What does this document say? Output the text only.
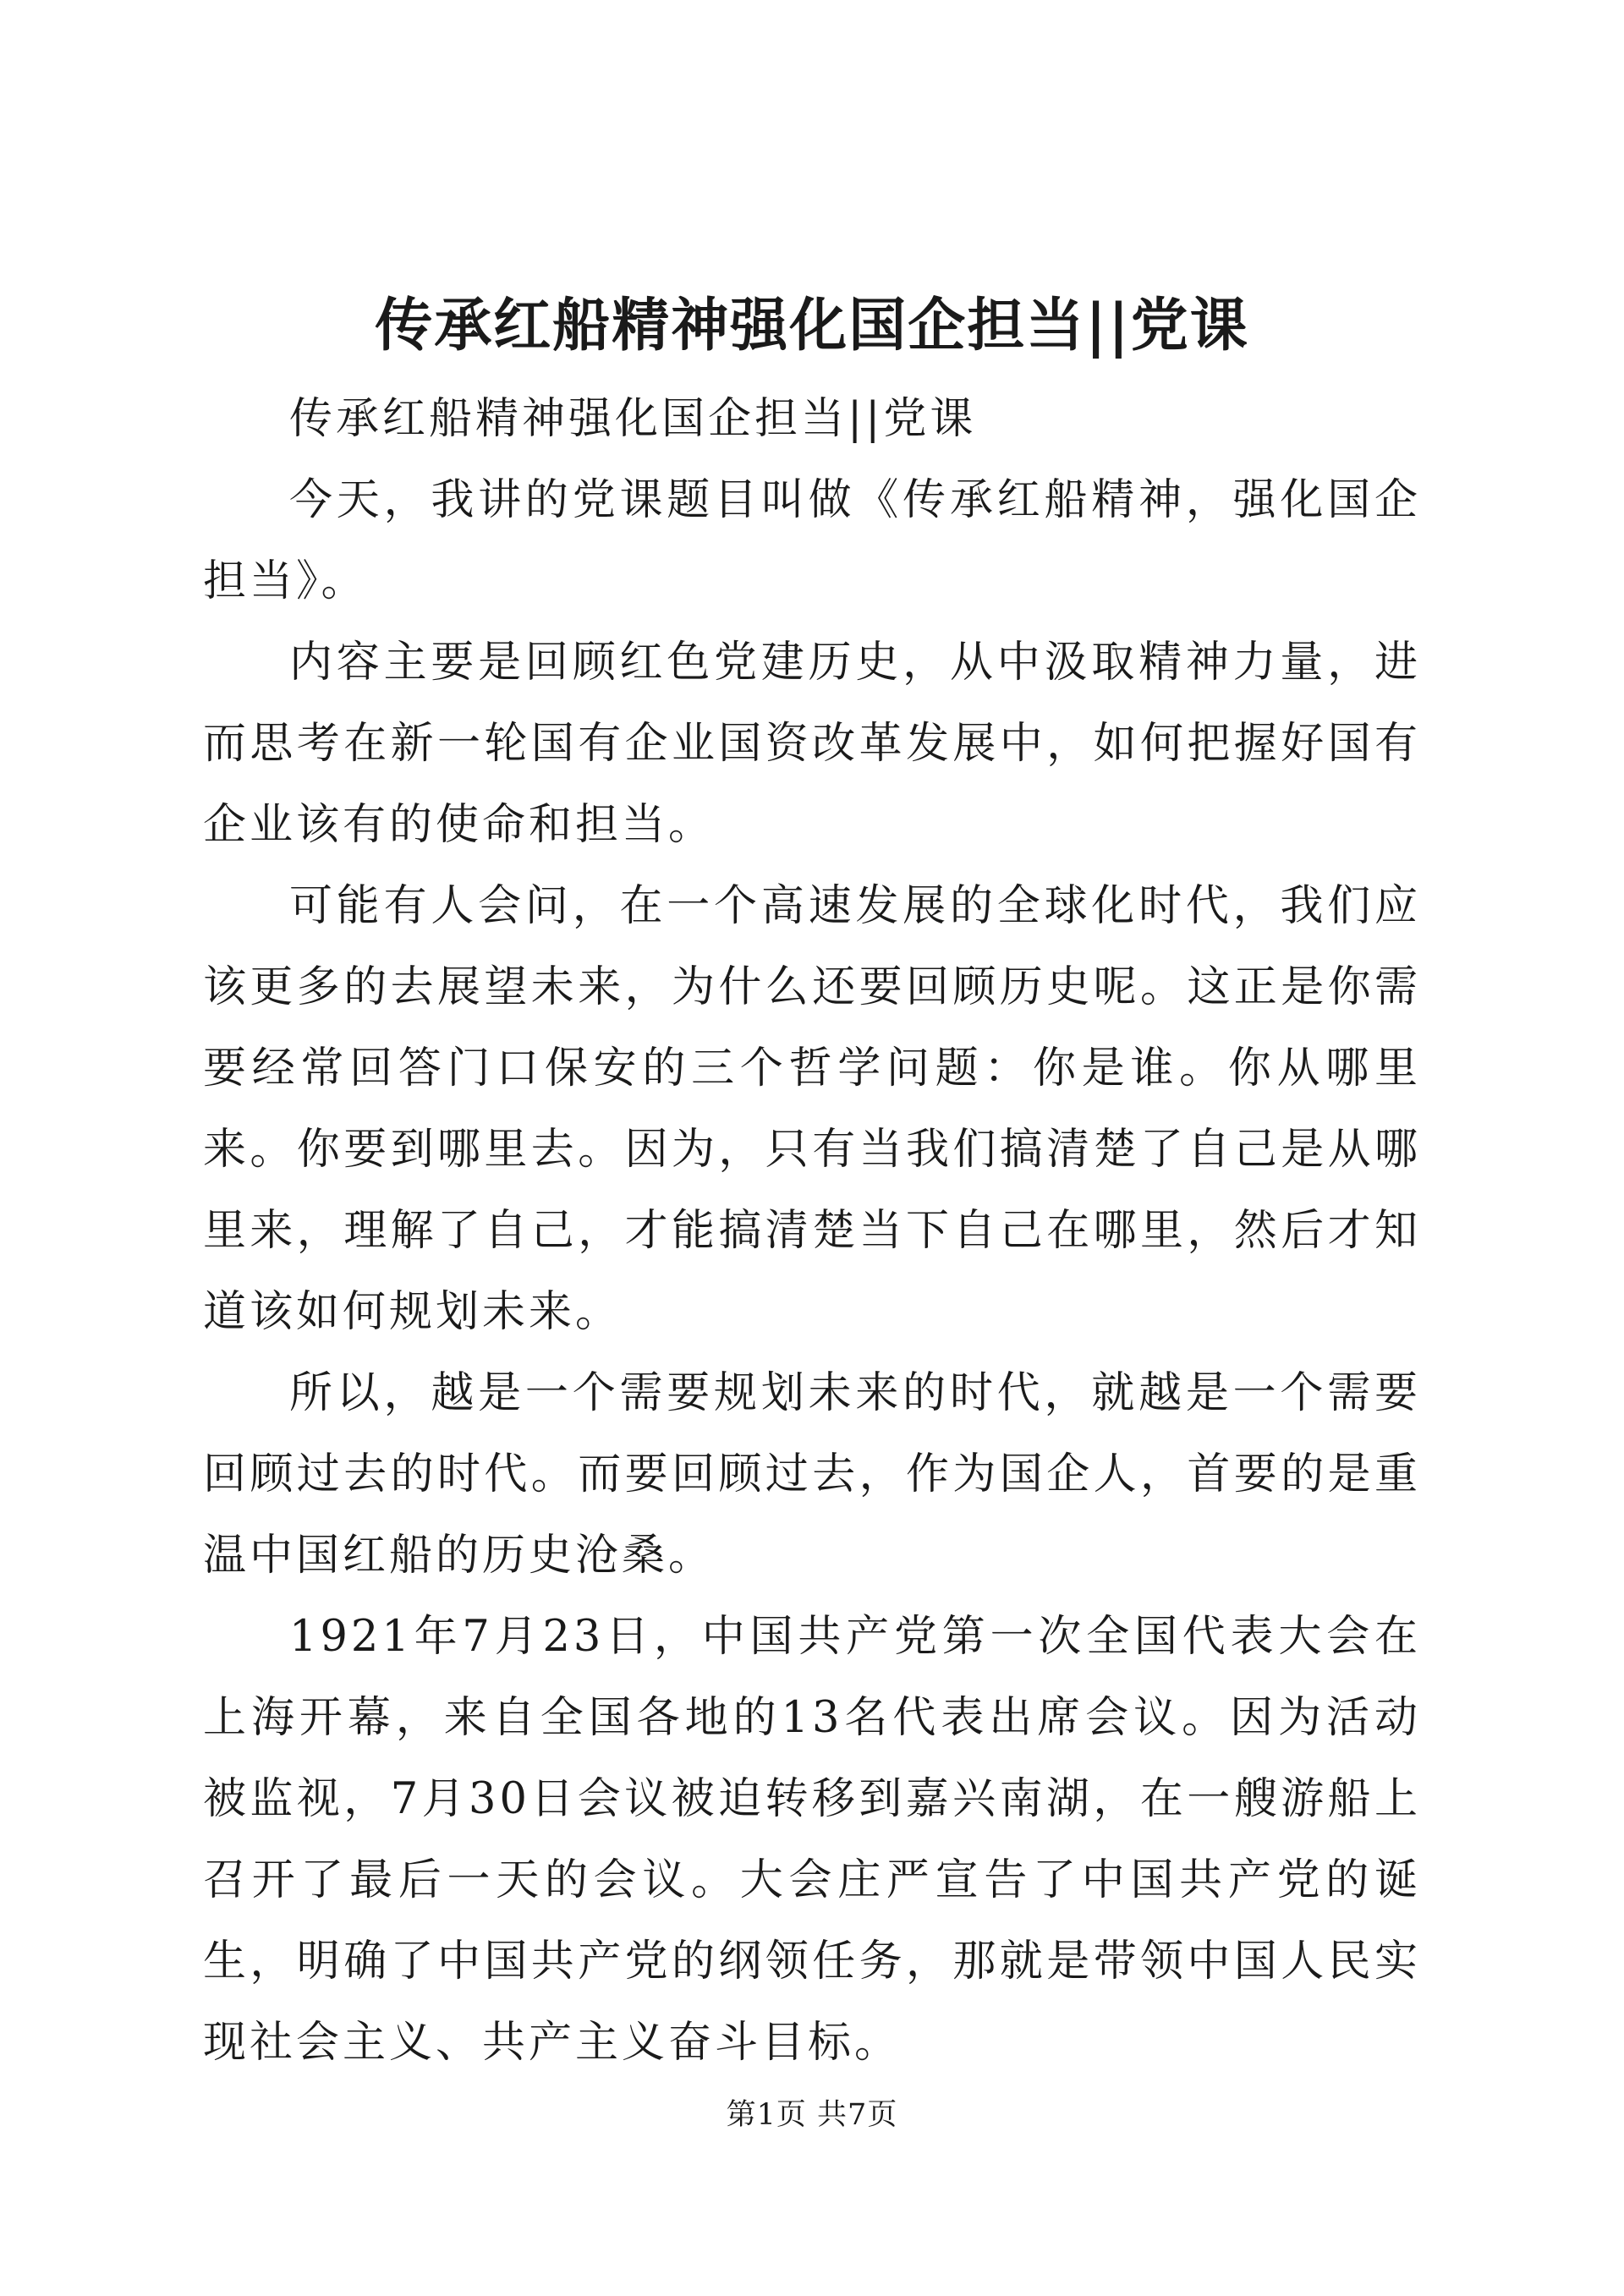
传承红船精神强化国企担当||党课

传承红船精神强化国企担当||党课

今天，我讲的党课题目叫做《传承红船精神，强化国企担当》。

内容主要是回顾红色党建历史，从中汲取精神力量，进而思考在新一轮国有企业国资改革发展中，如何把握好国有企业该有的使命和担当。

可能有人会问，在一个高速发展的全球化时代，我们应该更多的去展望未来，为什么还要回顾历史呢。这正是你需要经常回答门口保安的三个哲学问题：你是谁。你从哪里来。你要到哪里去。因为，只有当我们搞清楚了自己是从哪里来，理解了自己，才能搞清楚当下自己在哪里，然后才知道该如何规划未来。

所以，越是一个需要规划未来的时代，就越是一个需要回顾过去的时代。而要回顾过去，作为国企人，首要的是重温中国红船的历史沧桑。

1921年7月23日，中国共产党第一次全国代表大会在上海开幕，来自全国各地的13名代表出席会议。因为活动被监视，7月30日会议被迫转移到嘉兴南湖，在一艘游船上召开了最后一天的会议。大会庄严宣告了中国共产党的诞生，明确了中国共产党的纲领任务，那就是带领中国人民实现社会主义、共产主义奋斗目标。

第1页 共7页
